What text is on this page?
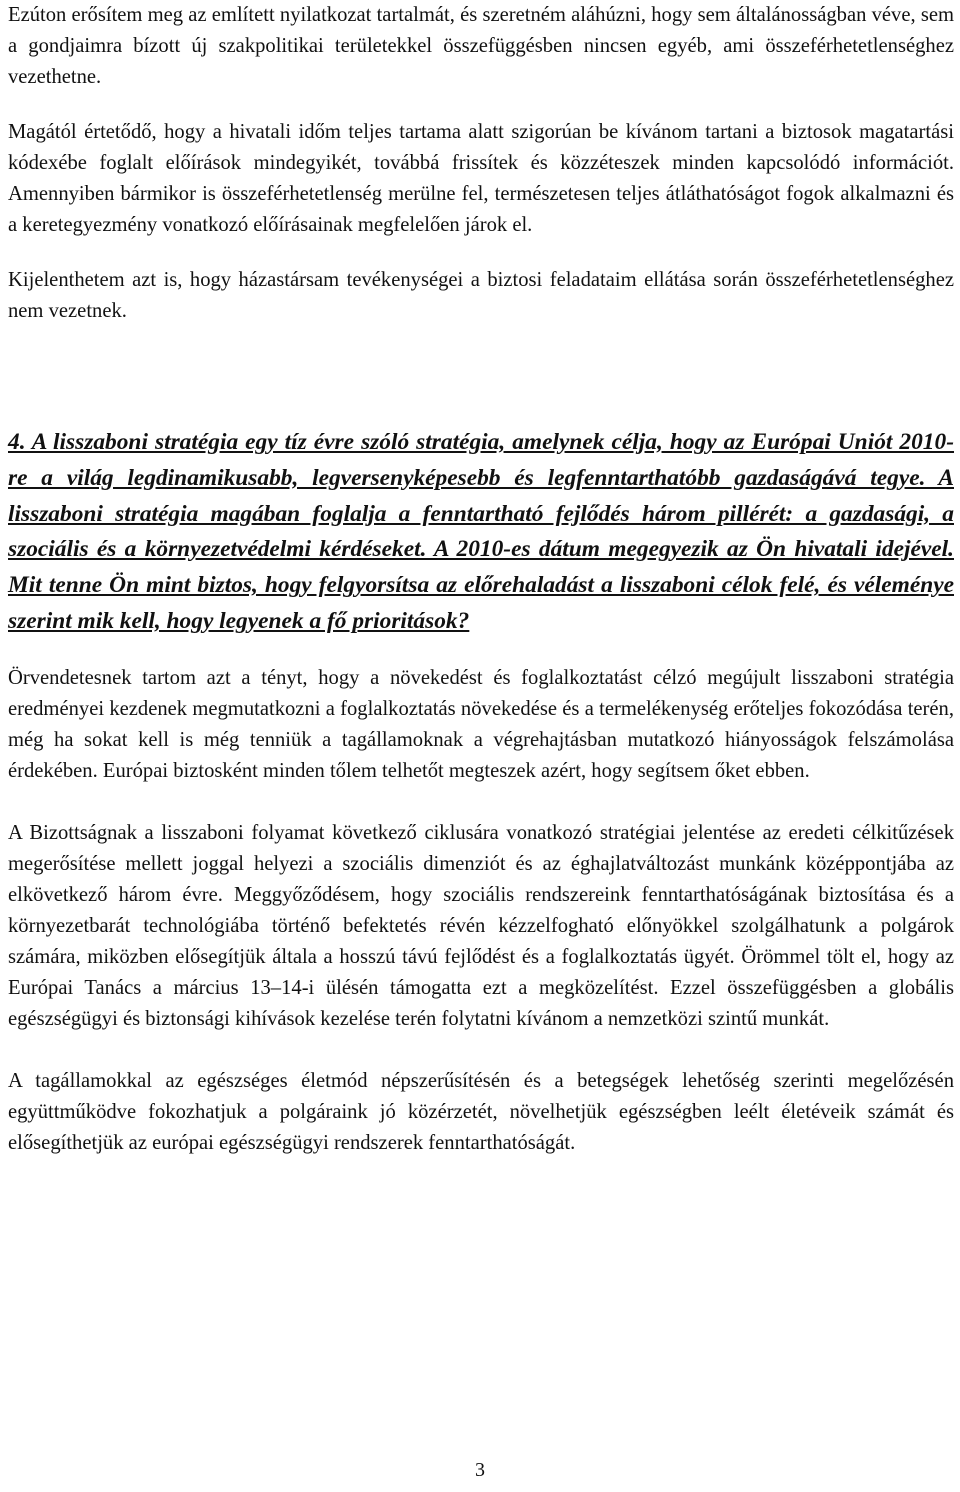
Ezúton erősítem meg az említett nyilatkozat tartalmát, és szeretném aláhúzni, hogy sem általánosságban véve, sem a gondjaimra bízott új szakpolitikai területekkel összefüggésben nincsen egyéb, ami összeférhetetlenséghez vezethetne.

Magától értetődő, hogy a hivatali időm teljes tartama alatt szigorúan be kívánom tartani a biztosok magatartási kódexébe foglalt előírások mindegyikét, továbbá frissítek és közzéteszek minden kapcsolódó információt. Amennyiben bármikor is összeférhetetlenség merülne fel, természetesen teljes átláthatóságot fogok alkalmazni és a keretegyezmény vonatkozó előírásainak megfelelően járok el.

Kijelenthetem azt is, hogy házastársam tevékenységei a biztosi feladataim ellátása során összeférhetetlenséghez nem vezetnek.

4. A lisszaboni stratégia egy tíz évre szóló stratégia, amelynek célja, hogy az Európai Uniót 2010-re a világ legdinamikusabb, legversenyképesebb és legfenntarthatóbb gazdaságává tegye. A lisszaboni stratégia magában foglalja a fenntartható fejlődés három pillérét: a gazdasági, a szociális és a környezetvédelmi kérdéseket. A 2010-es dátum megegyezik az Ön hivatali idejével. Mit tenne Ön mint biztos, hogy felgyorsítsa az előrehaladást a lisszaboni célok felé, és véleménye szerint mik kell, hogy legyenek a fő prioritások?

Örvendetesnek tartom azt a tényt, hogy a növekedést és foglalkoztatást célzó megújult lisszaboni stratégia eredményei kezdenek megmutatkozni a foglalkoztatás növekedése és a termelékenység erőteljes fokozódása terén, még ha sokat kell is még tenniük a tagállamoknak a végrehajtásban mutatkozó hiányosságok felszámolása érdekében. Európai biztosként minden tőlem telhetőt megteszek azért, hogy segítsem őket ebben.

A Bizottságnak a lisszaboni folyamat következő ciklusára vonatkozó stratégiai jelentése az eredeti célkitűzések megerősítése mellett joggal helyezi a szociális dimenziót és az éghajlatváltozást munkánk középpontjába az elkövetkező három évre. Meggyőződésem, hogy szociális rendszereink fenntarthatóságának biztosítása és a környezetbarát technológiába történő befektetés révén kézzelfogható előnyökkel szolgálhatunk a polgárok számára, miközben elősegítjük általa a hosszú távú fejlődést és a foglalkoztatás ügyét. Örömmel tölt el, hogy az Európai Tanács a március 13–14-i ülésén támogatta ezt a megközelítést. Ezzel összefüggésben a globális egészségügyi és biztonsági kihívások kezelése terén folytatni kívánom a nemzetközi szintű munkát.

A tagállamokkal az egészséges életmód népszerűsítésén és a betegségek lehetőség szerinti megelőzésén együttműködve fokozhatjuk a polgáraink jó közérzetét, növelhetjük egészségben leélt életéveik számát és elősegíthetjük az európai egészségügyi rendszerek fenntarthatóságát.

3
